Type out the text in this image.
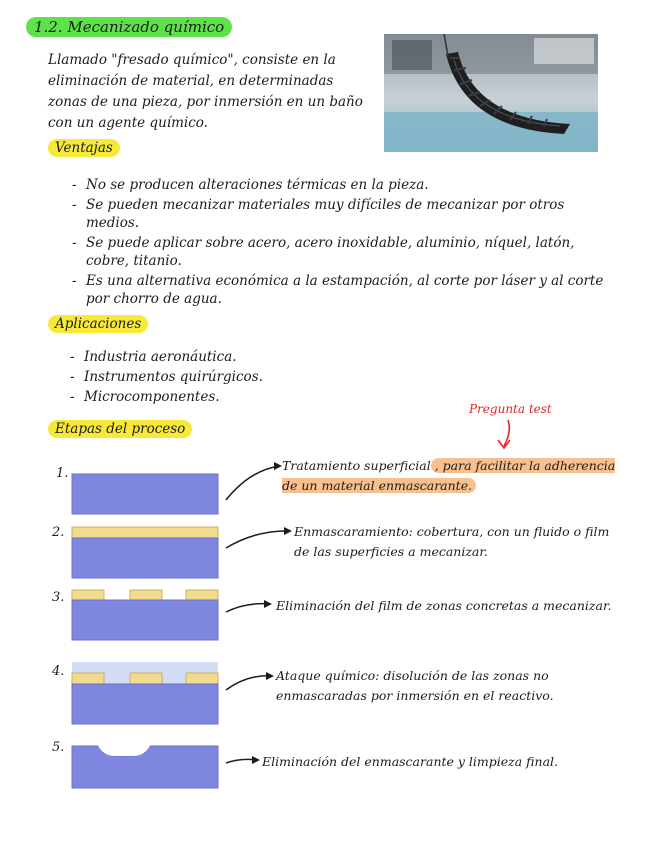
1.2. Mecanizado químico
Llamado "fresado químico", consiste en la eliminación de material, en determinadas zonas de una pieza, por inmersión en un baño con un agente químico.
Ventajas
- No se producen alteraciones térmicas en la pieza.
- Se pueden mecanizar materiales muy difíciles de mecanizar por otros medios.
- Se puede aplicar sobre acero, acero inoxidable, aluminio, níquel, latón, cobre, titanio.
- Es una alternativa económica a la estampación, al corte por láser y al corte por chorro de agua.
Aplicaciones
- Industria aeronáutica.
- Instrumentos quirúrgicos.
- Microcomponentes.
Etapas del proceso
Pregunta test
1.
2.
3.
4.
5.
Tratamiento superficial , para facilitar la adherencia de un material enmascarante.
Enmascaramiento: cobertura, con un fluido o film de las superficies a mecanizar.
Eliminación del film de zonas concretas a mecanizar.
Ataque químico: disolución de las zonas no enmascaradas por inmersión en el reactivo.
Eliminación del enmascarante y limpieza final.
